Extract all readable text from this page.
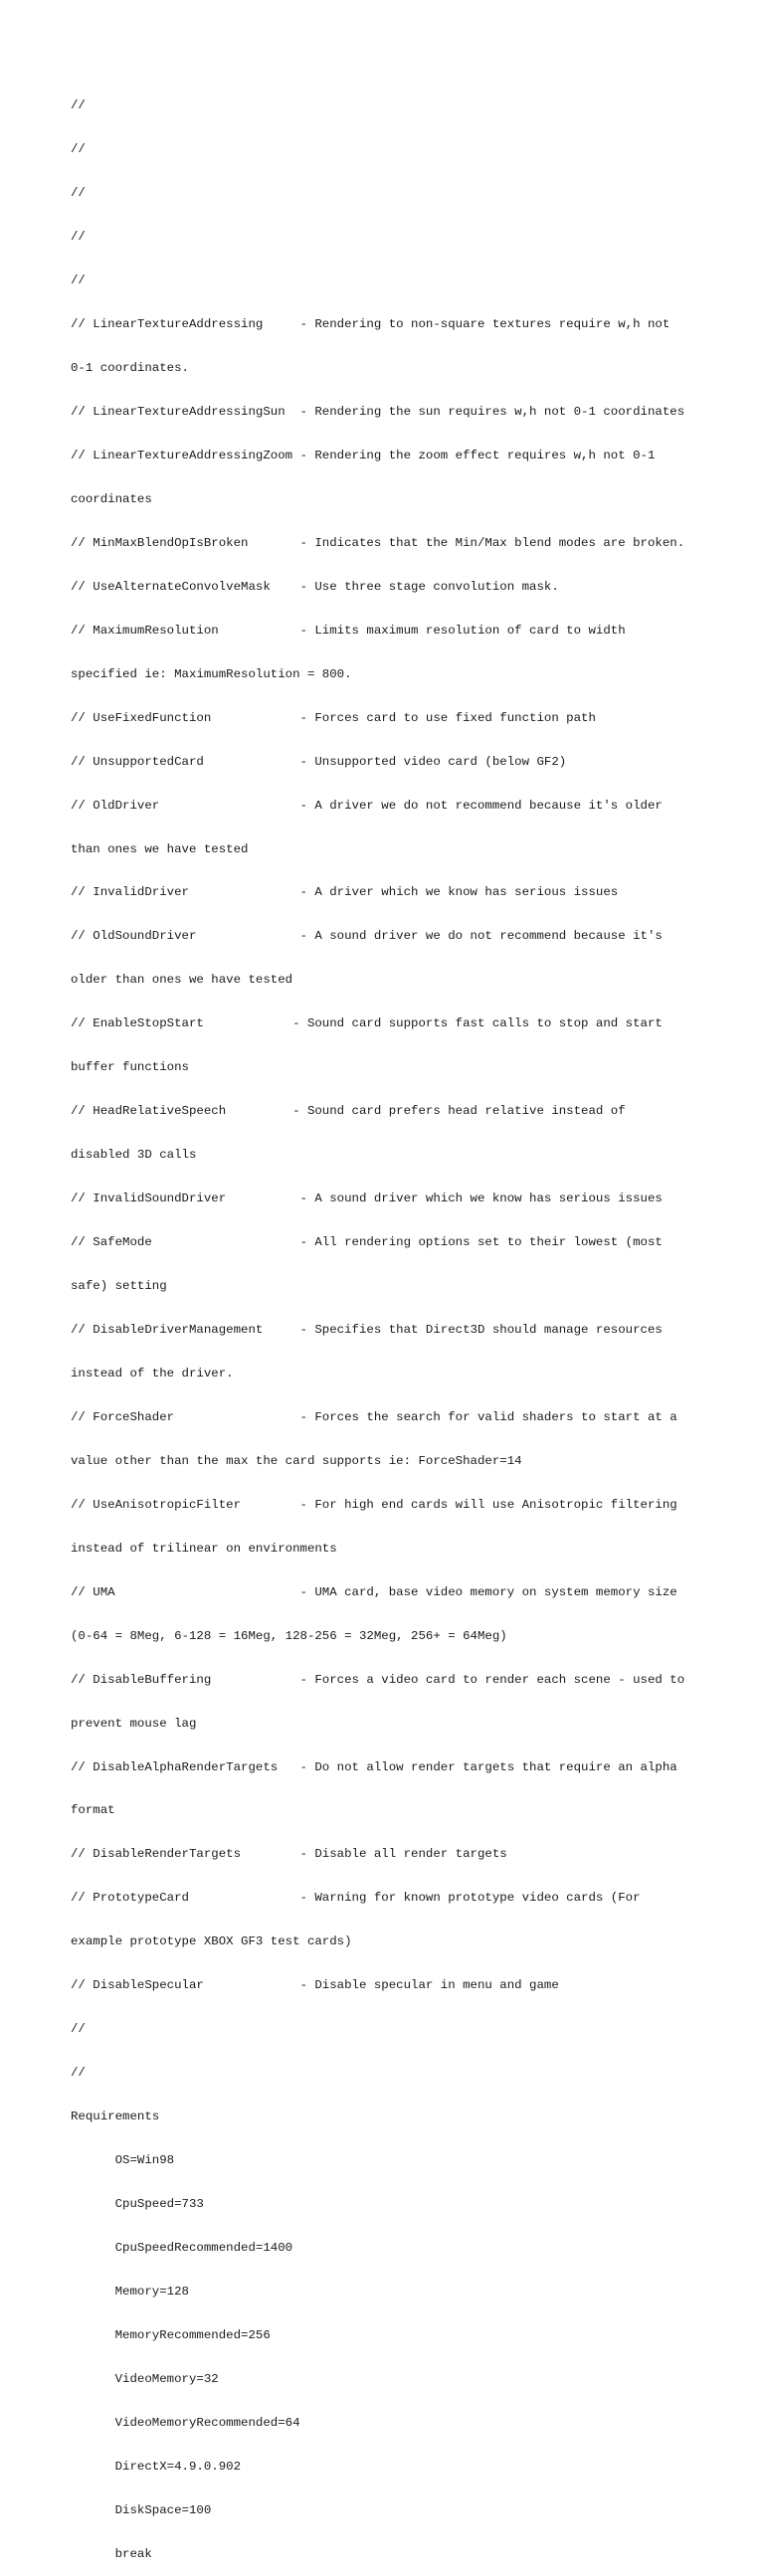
//

//

//

//

//

// LinearTextureAddressing     - Rendering to non-square textures require w,h not

0-1 coordinates.

// LinearTextureAddressingSun  - Rendering the sun requires w,h not 0-1 coordinates

// LinearTextureAddressingZoom - Rendering the zoom effect requires w,h not 0-1

coordinates

// MinMaxBlendOpIsBroken       - Indicates that the Min/Max blend modes are broken.

// UseAlternateConvolveMask    - Use three stage convolution mask.

// MaximumResolution           - Limits maximum resolution of card to width

specified ie: MaximumResolution = 800.

// UseFixedFunction            - Forces card to use fixed function path

// UnsupportedCard             - Unsupported video card (below GF2)

// OldDriver                   - A driver we do not recommend because it's older

than ones we have tested

// InvalidDriver               - A driver which we know has serious issues

// OldSoundDriver              - A sound driver we do not recommend because it's

older than ones we have tested

// EnableStopStart            - Sound card supports fast calls to stop and start

buffer functions

// HeadRelativeSpeech         - Sound card prefers head relative instead of

disabled 3D calls

// InvalidSoundDriver          - A sound driver which we know has serious issues

// SafeMode                    - All rendering options set to their lowest (most

safe) setting

// DisableDriverManagement     - Specifies that Direct3D should manage resources

instead of the driver.

// ForceShader                 - Forces the search for valid shaders to start at a

value other than the max the card supports ie: ForceShader=14

// UseAnisotropicFilter        - For high end cards will use Anisotropic filtering

instead of trilinear on environments

// UMA                         - UMA card, base video memory on system memory size

(0-64 = 8Meg, 6-128 = 16Meg, 128-256 = 32Meg, 256+ = 64Meg)

// DisableBuffering            - Forces a video card to render each scene - used to

prevent mouse lag

// DisableAlphaRenderTargets   - Do not allow render targets that require an alpha

format

// DisableRenderTargets        - Disable all render targets

// PrototypeCard               - Warning for known prototype video cards (For

example prototype XBOX GF3 test cards)

// DisableSpecular             - Disable specular in menu and game

//

//

Requirements

OS=Win98

CpuSpeed=733

CpuSpeedRecommended=1400

Memory=128

MemoryRecommended=256

VideoMemory=32

VideoMemoryRecommended=64

DirectX=4.9.0.902

DiskSpace=100

break
